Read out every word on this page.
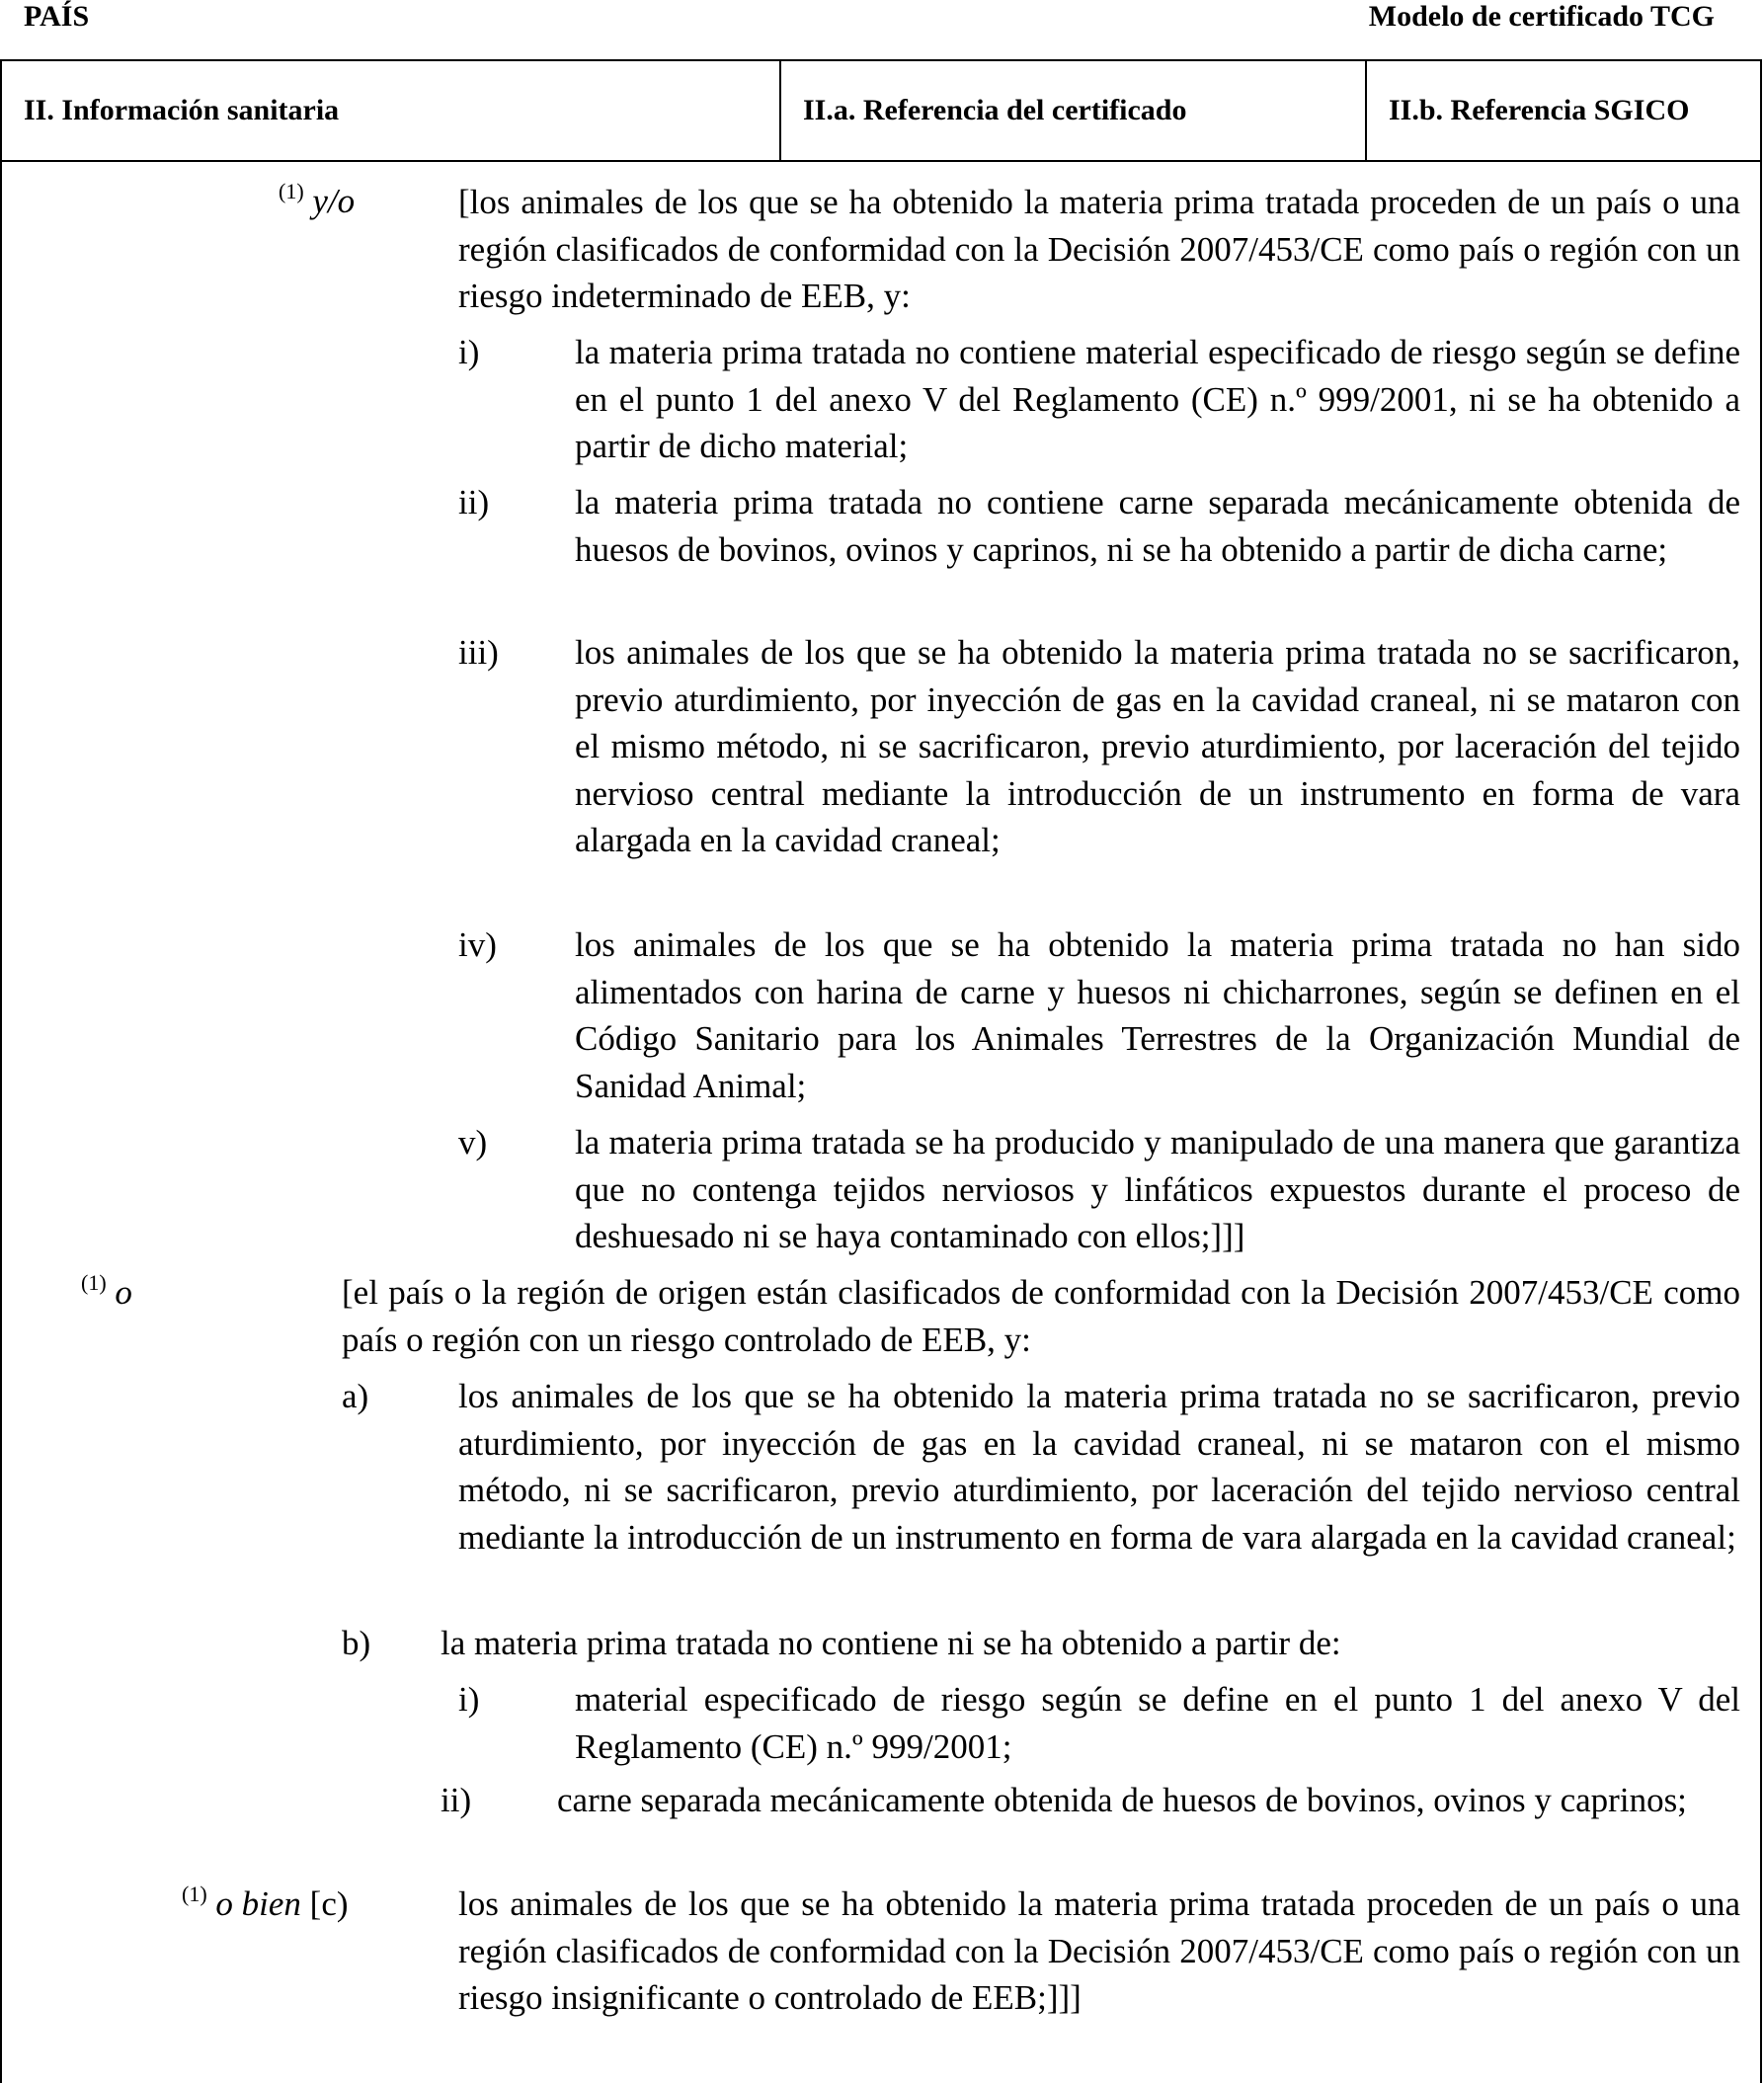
PAÍS	Modelo de certificado TCG
II. Información sanitaria	II.a. Referencia del certificado	II.b. Referencia SGICO
$^{(1)}$ y/o	[los animales de los que se ha obtenido la materia prima tratada proceden de un país o una región clasificados de conformidad con la Decisión 2007/453/CE como país o región con un riesgo indeterminado de EEB, y:
i)	la materia prima tratada no contiene material especificado de riesgo según se define en el punto 1 del anexo V del Reglamento (CE) n.º 999/2001, ni se ha obtenido a partir de dicho material;
ii) la materia prima tratada no contiene carne separada mecánicamente obtenida de huesos de bovinos, ovinos y caprinos, ni se ha obtenido a partir de dicha carne;
iii) los animales de los que se ha obtenido la materia prima tratada no se sacrificaron, previo aturdimiento, por inyección de gas en la cavidad craneal, ni se mataron con el mismo método, ni se sacrificaron, previo aturdimiento, por laceración del tejido nervioso central mediante la introducción de un instrumento en forma de vara alargada en la cavidad craneal;
iv) los animales de los que se ha obtenido la materia prima tratada no han sido alimentados con harina de carne y huesos ni chicharrones, según se definen en el Código Sanitario para los Animales Terrestres de la Organización Mundial de Sanidad Animal;
v)	la materia prima tratada se ha producido y manipulado de una manera que garantiza que no contenga tejidos nerviosos y linfáticos expuestos durante el proceso de deshuesado ni se haya contaminado con ellos;]]]
$^{(1)}$ o	[el país o la región de origen están clasificados de conformidad con la Decisión 2007/453/CE como país o región con un riesgo controlado de EEB, y:
a)	los animales de los que se ha obtenido la materia prima tratada no se sacrificaron, previo aturdimiento, por inyección de gas en la cavidad craneal, ni se mataron con el mismo método, ni se sacrificaron, previo aturdimiento, por laceración del tejido nervioso central mediante la introducción de un instrumento en forma de vara alargada en la cavidad craneal;
b) la materia prima tratada no contiene ni se ha obtenido a partir de:
i)	material especificado de riesgo según se define en el punto 1 del anexo V del Reglamento (CE) n.º 999/2001;
ii) carne separada mecánicamente obtenida de huesos de bovinos, ovinos y caprinos;
$^{(1)}$ o bien [c)	los animales de los que se ha obtenido la materia prima tratada proceden de un país o una región clasificados de conformidad con la Decisión 2007/453/CE como país o región con un riesgo insignificante o controlado de EEB;]]]
